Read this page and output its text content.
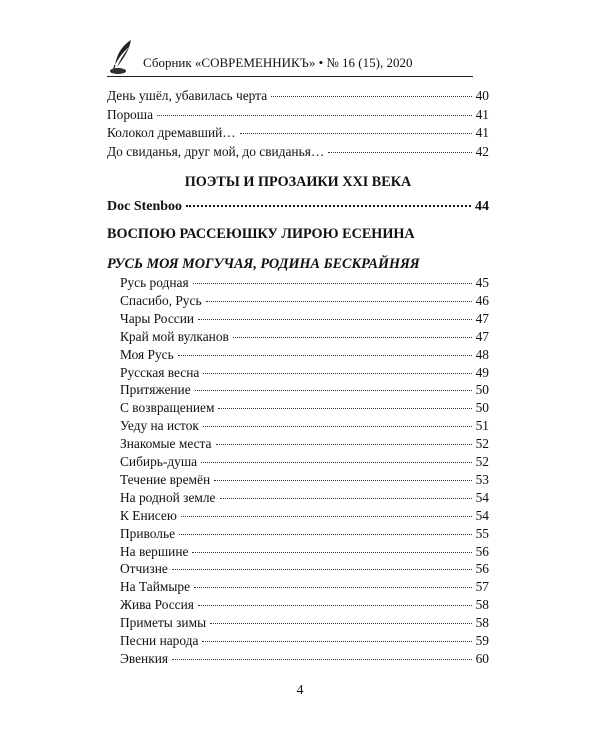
Сборник «СОВРЕМЕННИКЪ» • № 16 (15), 2020
День ушёл, убавилась черта	40
Пороша	41
Колокол дремавший…	41
До свиданья, друг мой, до свиданья…	42
Русь родная	45
Спасибо, Русь	46
Чары России	47
Край мой вулканов	47
Моя Русь	48
Русская весна	49
Притяжение	50
С возвращением	50
Уеду на исток	51
Знакомые места	52
Сибирь-душа	52
Течение времён	53
На родной земле	54
К Енисею	54
Приволье	55
На вершине	56
Отчизне	56
На Таймыре	57
Жива Россия	58
Приметы зимы	58
Песни народа	59
Эвенкия	60
ПОЭТЫ И ПРОЗАИКИ XXI ВЕКА
Doc Stenboo	44
ВОСПОЮ РАССЕЮШКУ ЛИРОЮ ЕСЕНИНА
РУСЬ МОЯ МОГУЧАЯ, РОДИНА БЕСКРАЙНЯЯ
4
